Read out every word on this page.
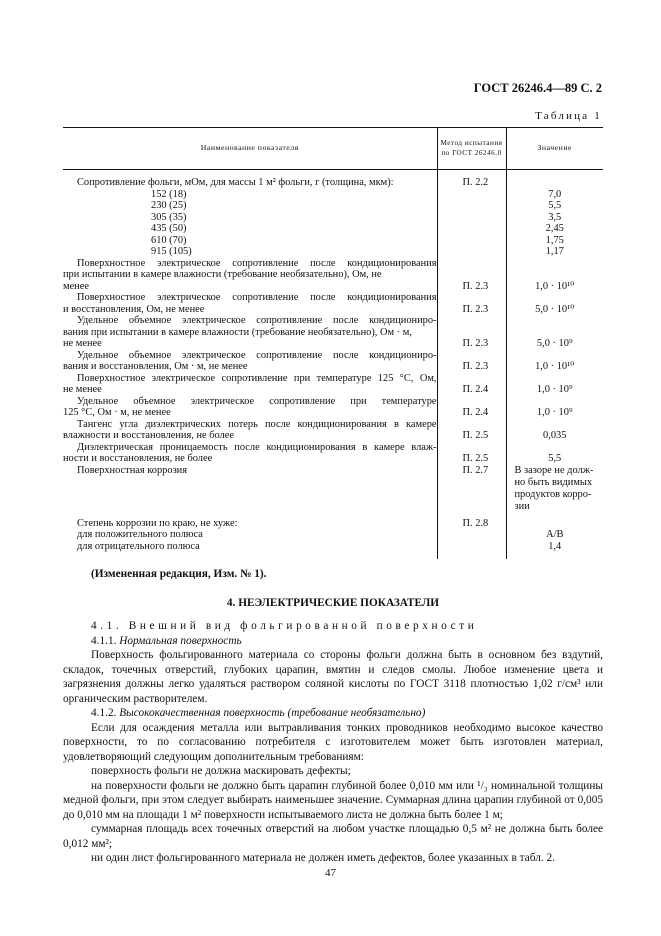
ГОСТ 26246.4—89 С. 2
Таблица 1
Наименование показателя	Метод испытания по ГОСТ 26246.0	Значение

Сопротивление фольги, мОм, для массы 1 м² фольги, г (толщина, мкм):	П. 2.2	
152 (18)		7,0
230 (25)		5,5
305 (35)		3,5
435 (50)		2,45
610 (70)		1,75
915 (105)		1,17

Поверхностное электрическое сопротивление после кондиционирования
при испытании в камере влажности (требование необязательно), Ом, не
менее	П. 2.3	1,0 · 10¹⁰

Поверхностное электрическое сопротивление после кондиционирования
и восстановления, Ом, не менее	П. 2.3	5,0 · 10¹⁰

Удельное объемное электрическое сопротивление после кондициониро-
вания при испытании в камере влажности (требование необязательно), Ом · м,
не менее	П. 2.3	5,0 · 10⁹

Удельное объемное электрическое сопротивление после кондициониро-
вания и восстановления, Ом · м, не менее	П. 2.3	1,0 · 10¹⁰

Поверхностное электрическое сопротивление при температуре 125 °С, Ом,
не менее	П. 2.4	1,0 · 10⁹

Удельное объемное электрическое сопротивление при температуре
125 °С, Ом · м, не менее	П. 2.4	1,0 · 10⁹

Тангенс угла диэлектрических потерь после кондиционирования в камере
влажности и восстановления, не более	П. 2.5	0,035

Диэлектрическая проницаемость после кондиционирования в камере влаж-
ности и восстановления, не более	П. 2.5	5,5
Поверхностная коррозия	П. 2.7	В зазоре не долж-
но быть видимых
продуктов корро-
зии
Степень коррозии по краю, не хуже:	П. 2.8	
для положительного полюса		А/В
для отрицательного полюса		1,4

(Измененная редакция, Изм. № 1).

4. НЕЭЛЕКТРИЧЕСКИЕ ПОКАЗАТЕЛИ

4.1. Внешний вид фольгированной поверхности

4.1.1. Нормальная поверхность

Поверхность фольгированного материала со стороны фольги должна быть в основном без вздутий, складок, точечных отверстий, глубоких царапин, вмятин и следов смолы. Любое изменение цвета и загрязнения должны легко удаляться раствором соляной кислоты по ГОСТ 3118 плотностью 1,02 г/см³ или органическим растворителем.

4.1.2. Высококачественная поверхность (требование необязательно)

Если для осаждения металла или вытравливания тонких проводников необходимо высокое качество поверхности, то по согласованию потребителя с изготовителем может быть изготовлен материал, удовлетворяющий следующим дополнительным требованиям:

поверхность фольги не должна маскировать дефекты;

на поверхности фольги не должно быть царапин глубиной более 0,010 мм или ¹/₃ номинальной толщины медной фольги, при этом следует выбирать наименьшее значение. Суммарная длина царапин глубиной от 0,005 до 0,010 мм на площади 1 м² поверхности испытываемого листа не должна быть более 1 м;

суммарная площадь всех точечных отверстий на любом участке площадью 0,5 м² не должна быть более 0,012 мм²;

ни один лист фольгированного материала не должен иметь дефектов, более указанных в табл. 2.

47
